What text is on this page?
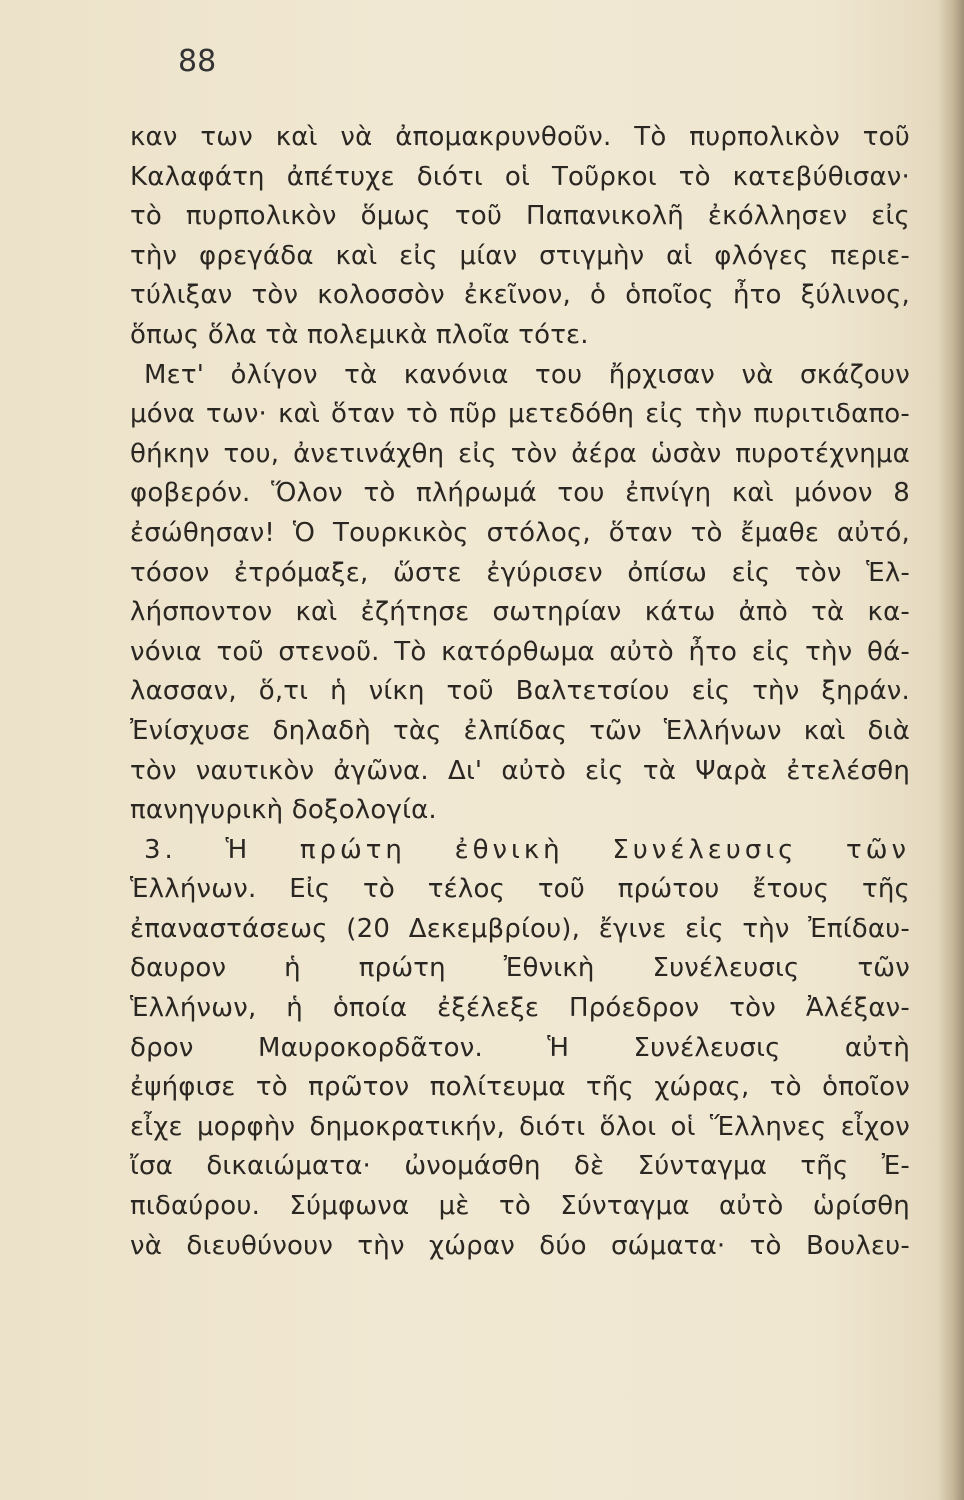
88
καν των καὶ νὰ ἀπομακρυνθοῦν. Τὸ πυρπολικὸν τοῦ
Καλαφάτη ἀπέτυχε διότι οἱ Τοῦρκοι τὸ κατεβύθισαν·
τὸ πυρπολικὸν ὅμως τοῦ Παπανικολῆ ἐκόλλησεν εἰς
τὴν φρεγάδα καὶ εἰς μίαν στιγμὴν αἱ φλόγες περιε-
τύλιξαν τὸν κολοσσὸν ἐκεῖνον, ὁ ὁποῖος ἦτο ξύλινος,
ὅπως ὅλα τὰ πολεμικὰ πλοῖα τότε.
Μετ' ὀλίγον τὰ κανόνια του ἤρχισαν νὰ σκάζουν
μόνα των· καὶ ὅταν τὸ πῦρ μετεδόθη εἰς τὴν πυριτιδαπο-
θήκην του, ἀνετινάχθη εἰς τὸν ἀέρα ὡσὰν πυροτέχνημα
φοβερόν. Ὅλον τὸ πλήρωμά του ἐπνίγη καὶ μόνον 8
ἐσώθησαν! Ὁ Τουρκικὸς στόλος, ὅταν τὸ ἔμαθε αὐτό,
τόσον ἐτρόμαξε, ὥστε ἐγύρισεν ὀπίσω εἰς τὸν Ἑλ-
λήσποντον καὶ ἐζήτησε σωτηρίαν κάτω ἀπὸ τὰ κα-
νόνια τοῦ στενοῦ. Τὸ κατόρθωμα αὐτὸ ἦτο εἰς τὴν θά-
λασσαν, ὅ,τι ἡ νίκη τοῦ Βαλτετσίου εἰς τὴν ξηράν.
Ἐνίσχυσε δηλαδὴ τὰς ἐλπίδας τῶν Ἑλλήνων καὶ διὰ
τὸν ναυτικὸν ἀγῶνα. Δι' αὐτὸ εἰς τὰ Ψαρὰ ἐτελέσθη
πανηγυρικὴ δοξολογία.
3. Ἡ πρώτη ἐθνικὴ Συνέλευσις τῶν
Ἑλλήνων. Εἰς τὸ τέλος τοῦ πρώτου ἔτους τῆς
ἐπαναστάσεως (20 Δεκεμβρίου), ἔγινε εἰς τὴν Ἐπίδαυ-
δαυρον ἡ πρώτη Ἐθνικὴ Συνέλευσις τῶν
Ἑλλήνων, ἡ ὁποία ἐξέλεξε Πρόεδρον τὸν Ἀλέξαν-
δρον Μαυροκορδᾶτον. Ἡ Συνέλευσις αὐτὴ
ἐψήφισε τὸ πρῶτον πολίτευμα τῆς χώρας, τὸ ὁποῖον
εἶχε μορφὴν δημοκρατικήν, διότι ὅλοι οἱ Ἕλληνες εἶχον
ἴσα δικαιώματα· ὠνομάσθη δὲ Σύνταγμα τῆς Ἐ-
πιδαύρου. Σύμφωνα μὲ τὸ Σύνταγμα αὐτὸ ὡρίσθη
νὰ διευθύνουν τὴν χώραν δύο σώματα· τὸ Βουλευ-
